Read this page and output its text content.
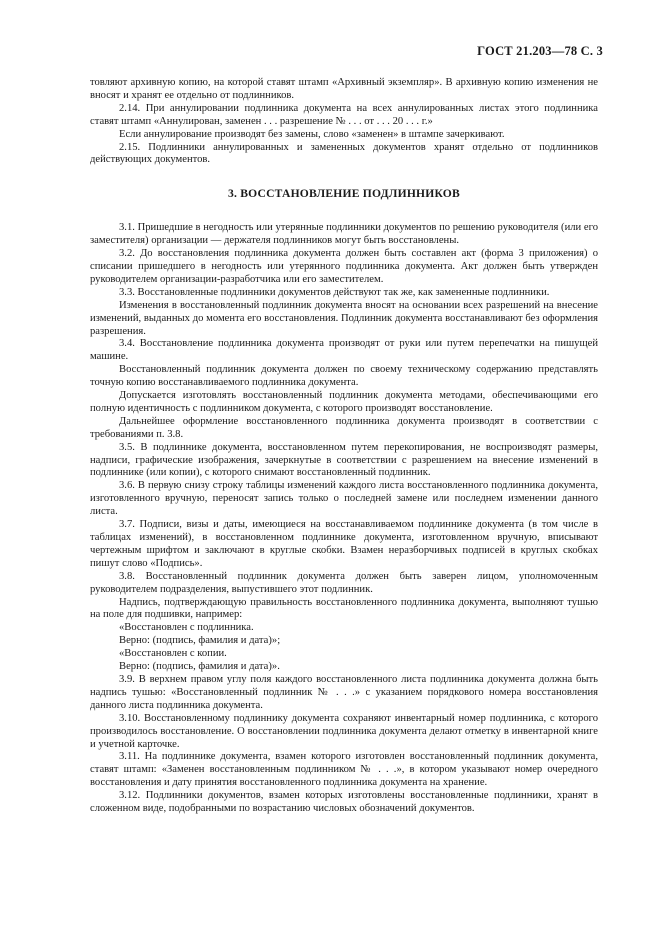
ГОСТ 21.203—78 С. 3

товляют архивную копию, на которой ставят штамп «Архивный экземпляр». В архивную копию изменения не вносят и хранят ее отдельно от подлинников.

2.14. При аннулировании подлинника документа на всех аннулированных листах этого подлинника ставят штамп «Аннулирован, заменен . . . разрешение № . . . от . . . 20 . . . г.»

Если аннулирование производят без замены, слово «заменен» в штампе зачеркивают.

2.15. Подлинники аннулированных и замененных документов хранят отдельно от подлинников действующих документов.

3. ВОССТАНОВЛЕНИЕ ПОДЛИННИКОВ

3.1. Пришедшие в негодность или утерянные подлинники документов по решению руководителя (или его заместителя) организации — держателя подлинников могут быть восстановлены.

3.2. До восстановления подлинника документа должен быть составлен акт (форма 3 приложения) о списании пришедшего в негодность или утерянного подлинника документа. Акт должен быть утвержден руководителем организации-разработчика или его заместителем.

3.3. Восстановленные подлинники документов действуют так же, как замененные подлинники.

Изменения в восстановленный подлинник документа вносят на основании всех разрешений на внесение изменений, выданных до момента его восстановления. Подлинник документа восстанавливают без оформления разрешения.

3.4. Восстановление подлинника документа производят от руки или путем перепечатки на пишущей машине.

Восстановленный подлинник документа должен по своему техническому содержанию представлять точную копию восстанавливаемого подлинника документа.

Допускается изготовлять восстановленный подлинник документа методами, обеспечивающими его полную идентичность с подлинником документа, с которого производят восстановление.

Дальнейшее оформление восстановленного подлинника документа производят в соответствии с требованиями п. 3.8.

3.5. В подлиннике документа, восстановленном путем перекопирования, не воспроизводят размеры, надписи, графические изображения, зачеркнутые в соответствии с разрешением на внесение изменений в подлиннике (или копии), с которого снимают восстановленный подлинник.

3.6. В первую снизу строку таблицы изменений каждого листа восстановленного подлинника документа, изготовленного вручную, переносят запись только о последней замене или последнем изменении данного листа.

3.7. Подписи, визы и даты, имеющиеся на восстанавливаемом подлиннике документа (в том числе в таблицах изменений), в восстановленном подлиннике документа, изготовленном вручную, вписывают чертежным шрифтом и заключают в круглые скобки. Взамен неразборчивых подписей в круглых скобках пишут слово «Подпись».

3.8. Восстановленный подлинник документа должен быть заверен лицом, уполномоченным руководителем подразделения, выпустившего этот подлинник.

Надпись, подтверждающую правильность восстановленного подлинника документа, выполняют тушью на поле для подшивки, например:

«Восстановлен с подлинника.

Верно: (подпись, фамилия и дата)»;

«Восстановлен с копии.

Верно: (подпись, фамилия и дата)».

3.9. В верхнем правом углу поля каждого восстановленного листа подлинника документа должна быть надпись тушью: «Восстановленный подлинник № . . .» с указанием порядкового номера восстановления данного листа подлинника документа.

3.10. Восстановленному подлиннику документа сохраняют инвентарный номер подлинника, с которого производилось восстановление. О восстановлении подлинника документа делают отметку в инвентарной книге и учетной карточке.

3.11. На подлиннике документа, взамен которого изготовлен восстановленный подлинник документа, ставят штамп: «Заменен восстановленным подлинником № . . .», в котором указывают номер очередного восстановления и дату принятия восстановленного подлинника документа на хранение.

3.12. Подлинники документов, взамен которых изготовлены восстановленные подлинники, хранят в сложенном виде, подобранными по возрастанию числовых обозначений документов.
